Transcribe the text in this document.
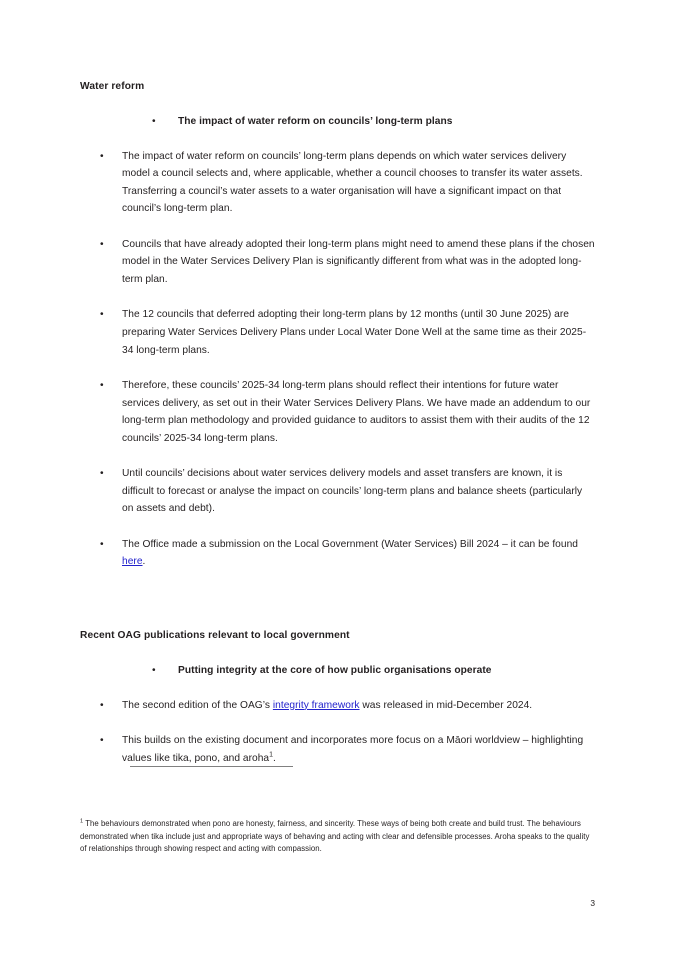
Water reform
•	The impact of water reform on councils’ long-term plans
•	The impact of water reform on councils’ long-term plans depends on which water services delivery model a council selects and, where applicable, whether a council chooses to transfer its water assets. Transferring a council’s water assets to a water organisation will have a significant impact on that council’s long-term plan.
•	Councils that have already adopted their long-term plans might need to amend these plans if the chosen model in the Water Services Delivery Plan is significantly different from what was in the adopted long-term plan.
•	The 12 councils that deferred adopting their long-term plans by 12 months (until 30 June 2025) are preparing Water Services Delivery Plans under Local Water Done Well at the same time as their 2025-34 long-term plans.
•	Therefore, these councils’ 2025-34 long-term plans should reflect their intentions for future water services delivery, as set out in their Water Services Delivery Plans. We have made an addendum to our long-term plan methodology and provided guidance to auditors to assist them with their audits of the 12 councils’ 2025-34 long-term plans.
•	Until councils’ decisions about water services delivery models and asset transfers are known, it is difficult to forecast or analyse the impact on councils’ long-term plans and balance sheets (particularly on assets and debt).
•	The Office made a submission on the Local Government (Water Services) Bill 2024 – it can be found here.
Recent OAG publications relevant to local government
•	Putting integrity at the core of how public organisations operate
•	The second edition of the OAG’s integrity framework was released in mid-December 2024.
•	This builds on the existing document and incorporates more focus on a Māori worldview – highlighting values like tika, pono, and aroha$^1$.
$^1$ The behaviours demonstrated when pono are honesty, fairness, and sincerity. These ways of being both create and build trust. The behaviours demonstrated when tika include just and appropriate ways of behaving and acting with clear and defensible processes. Aroha speaks to the quality of relationships through showing respect and acting with compassion.
3
